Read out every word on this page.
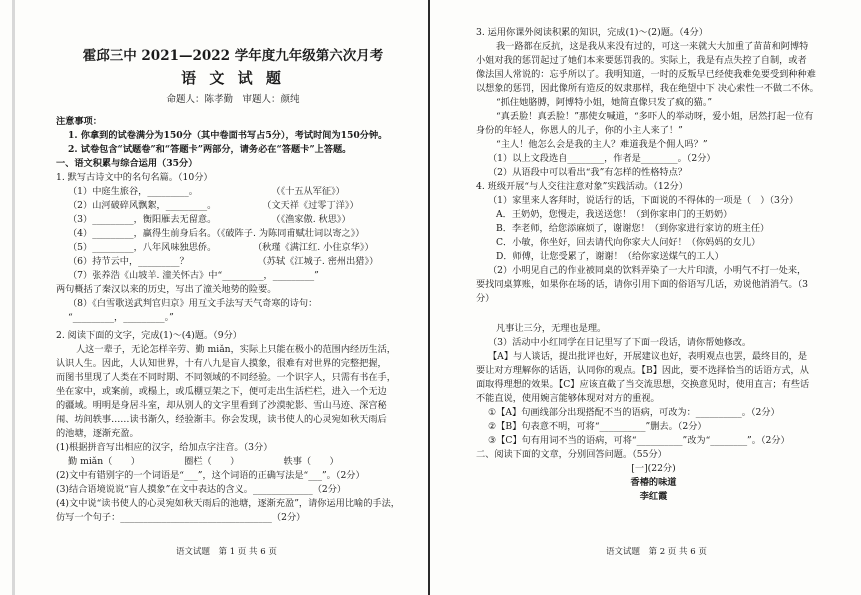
霍邱三中 2021—2022 学年度九年级第六次月考
语 文 试 题
命题人：陈孝勤　审题人：颜纯
注意事项：
1. 你拿到的试卷满分为150分（其中卷面书写占5分），考试时间为150分钟。
2. 试卷包含“试题卷”和“答题卡”两部分，请务必在“答题卡”上答题。
一、语文积累与综合运用（35分）
1. 默写古诗文中的名句名篇。（10分）
（1）中庭生旅谷，_________。　　　　　　　　　（《十五从军征》）
（2）山河破碎风飘絮，_________。　　　　　　（文天祥《过零丁洋》）
（3）_________，衡阳雁去无留意。　　　　　　　（《渔家傲. 秋思》）
（4）_________，赢得生前身后名。（《破阵子. 为陈同甫赋壮词以寄之》）
（5）_________，八年风味独思侨。　　　　　（秋瑾《满江红. 小住京华》）
（6）持节云中，_________？　　　　　　　　（苏轼《江城子. 密州出猎》）
（7）张养浩《山坡羊. 潼关怀古》中“_________，_________”
两句概括了秦汉以来的历史，写出了潼关地势的险要。
（8）《白雪歌送武判官归京》用互文手法写天气奇寒的诗句：
“_________，_________。”
2. 阅读下面的文字，完成(1)～(4)题。（9分）
人这一辈子，无论怎样辛劳、勤 miǎn，实际上只能在极小的范围内经历生活，
认识人生。因此，人认知世界，十有八九是盲人摸象，很难有对世界的完整把握，
而图书里现了人类在不同时期、不同领域的不同经验。一个识字人，只需有书在手，
坐在家中，或案前，或榻上，或瓜棚豆架之下，便可走出生活栏栏，进入一个无边
的疆域。明明是身居斗室，却从别人的文字里看到了沙漠驼影、雪山马迹、深宫秘
闱、坊间轶事……读书渐久，经验渐丰。你会发现，读书使人的心灵宛如秋天雨后
的池塘，逐渐充盈。
(1)根据拼音写出相应的汉字，给加点字注音。（3分）
勤 miǎn（　　）　　　　　 圈栏（　　）　　　　　 轶事（　　）
(2)文中有错别字的一个词语是“___”，这个词语的正确写法是“___”。（2分）
(3)结合语境说说“盲人摸象”在文中表达的含义。_____________（2分）
(4)文中说“读书使人的心灵宛如秋天雨后的池塘，逐渐充盈”，请你运用比喻的手法，
仿写一个句子：_________________________________（2分）
语文试题　第 1 页 共 6 页
3. 运用你课外阅读积累的知识，完成(1)～(2)题。（4分）
我一路都在反抗，这是我从来没有过的，可这一来就大大加重了苗苗和阿博特
小姐对我的惩罚起过了她们本来要惩罚我的。实际上，我是有点失控了自制，或者
像法国人常说的：忘乎所以了。我明知道，一时的反叛早已经使我难免要受到种种难
以想象的惩罚，因此像所有造反的奴隶那样，我在绝望中下 决心索性一不做二不休。
“抓住她胳膊，阿博特小姐，她简直像只发了疯的猫。”
“真丢脸！真丢脸！”那使女喊道，“多吓人的举动呀，爱小姐，居然打起一位有
身份的年轻人，你恩人的儿子，你的小主人来了！”
“主人！他怎么会是我的主人？难道我是个佣人吗？”
（1）以上文段选自________，作者是________。（2分）
（2）从语段中可以看出“我”有怎样的性格特点？
4. 班级开展“与人交往注意对象”实践活动。（12分）
（1）家里来人客拜时，说话行的话，下面说的不得体的一项是（　）（3分）
A．王奶奶，您慢走，我送送您！（到你家串门的王奶奶）
B．李老师，给您添麻烦了，谢谢您！（到你家进行家访的班主任）
C．小敏，你坐好，回去请代向你家大人问好！（你妈妈的女儿）
D．师傅，让您受累了，谢谢！（给你家送煤气的工人）
（2）小明见自己的作业被同桌的饮料弄染了一大片印渍，小明气不打一处来，
要找同桌算账，如果你在场的话，请你引用下面的俗语写几话，劝说他消消气。（3
分）
凡事让三分，无理也是理。
（3）活动中小红同学在日记里写了下面一段话，请你帮她修改。
【A】与人谈话，提出批评也好，开展建议也好，表明观点也罢，最终目的，是
要让对方理解你的话语，认同你的观点。【B】因此，要不选择恰当的话语方式，从
面取得理想的效果。【C】应该直截了当交流思想，交换意见时，使用直言；有些话
不能直说，使用婉言能够体现对对方的重视。
①【A】句画线部分出现搭配不当的语病，可改为：__________。（2分）
②【B】句表意不明，可将“__________”删去。（2分）
③【C】句有用词不当的语病，可将“__________”改为“________”。（2分）
二、阅读下面的文章，分别回答问题。（55分）
[一](22分)
香椿的味道
李红霞
语文试题　第 2 页 共 6 页
